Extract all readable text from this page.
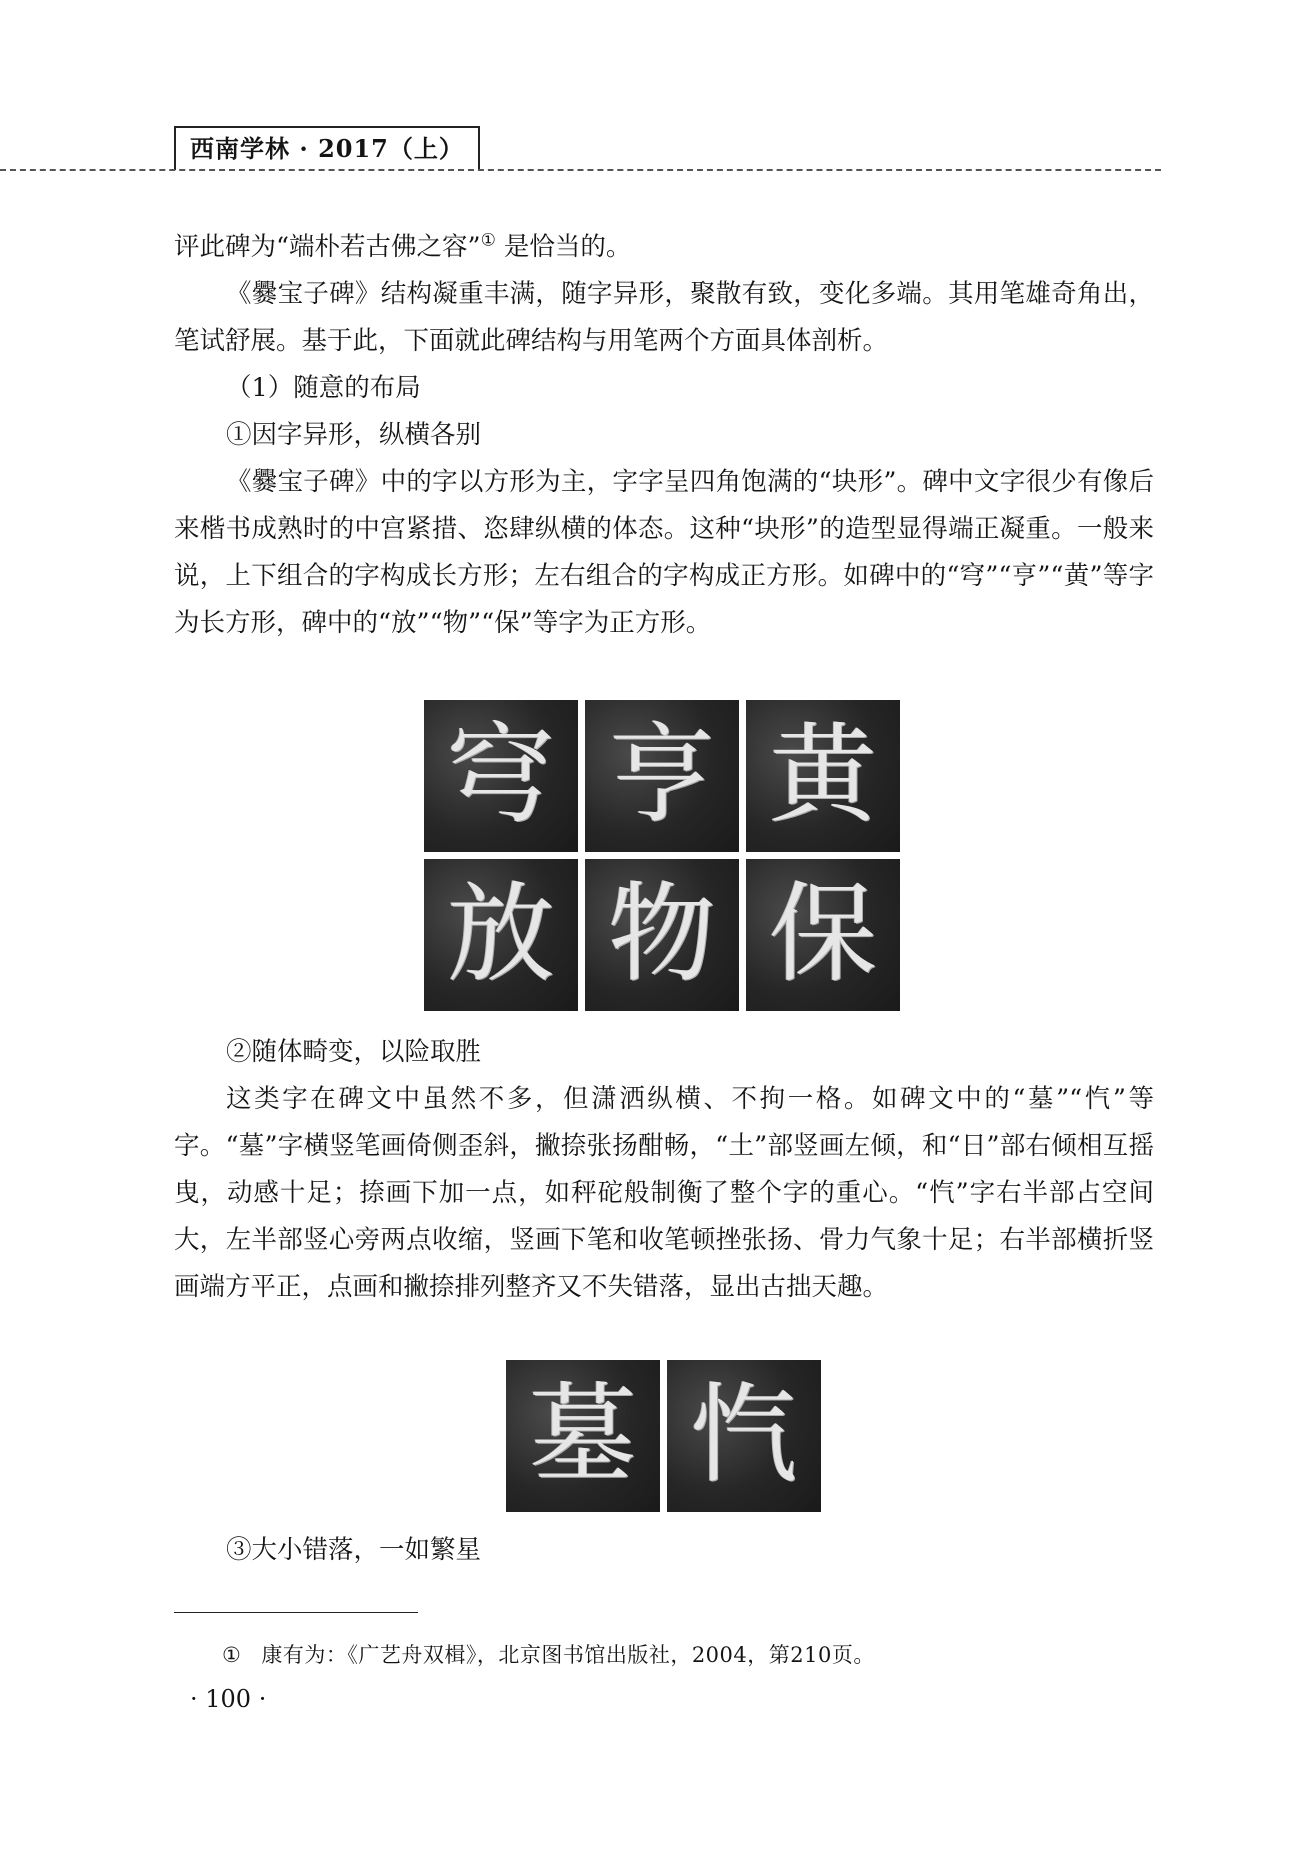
西南学林 · 2017（上）

评此碑为“端朴若古佛之容”① 是恰当的。

《爨宝子碑》结构凝重丰满，随字异形，聚散有致，变化多端。其用笔雄奇角出，笔试舒展。基于此，下面就此碑结构与用笔两个方面具体剖析。

（1）随意的布局

①因字异形，纵横各别

《爨宝子碑》中的字以方形为主，字字呈四角饱满的“块形”。碑中文字很少有像后来楷书成熟时的中宫紧措、恣肆纵横的体态。这种“块形”的造型显得端正凝重。一般来说，上下组合的字构成长方形；左右组合的字构成正方形。如碑中的“穹”“亨”“黄”等字为长方形，碑中的“放”“物”“保”等字为正方形。

穹 亨 黄
放 物 保

②随体畸变，以险取胜

这类字在碑文中虽然不多，但潇洒纵横、不拘一格。如碑文中的“墓”“忾”等字。“墓”字横竖笔画倚侧歪斜，撇捺张扬酣畅，“土”部竖画左倾，和“日”部右倾相互摇曳，动感十足；捺画下加一点，如秤砣般制衡了整个字的重心。“忾”字右半部占空间大，左半部竖心旁两点收缩，竖画下笔和收笔顿挫张扬、骨力气象十足；右半部横折竖画端方平正，点画和撇捺排列整齐又不失错落，显出古拙天趣。

墓 忾

③大小错落，一如繁星

① 康有为：《广艺舟双楫》，北京图书馆出版社，2004，第210页。
· 100 ·
